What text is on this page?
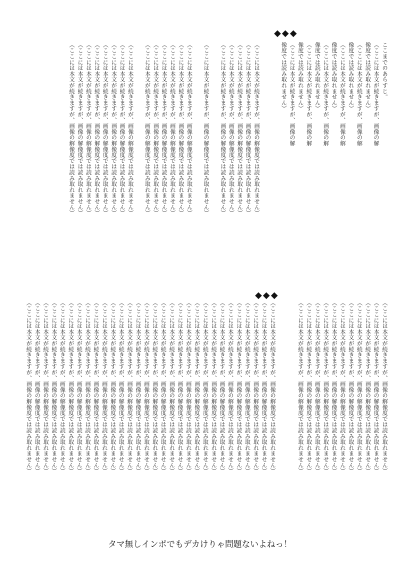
ここまでのあらすじ。

（ここには本文が続きますが、画像の解像度では読み取れません）

（ここには本文が続きますが、画像の解像度では読み取れません）

（ここには本文が続きますが、画像の解像度では読み取れません）

（ここには本文が続きますが、画像の解像度では読み取れません）

（ここには本文が続きますが、画像の解像度では読み取れません）

（ここには本文が続きますが、画像の解像度では読み取れません）

◆◆◆

（ここには本文が続きますが、画像の解像度では読み取れません）

（ここには本文が続きますが、画像の解像度では読み取れません）

（ここには本文が続きますが、画像の解像度では読み取れません）

（ここには本文が続きますが、画像の解像度では読み取れません）

（ここには本文が続きますが、画像の解像度では読み取れません）

（ここには本文が続きますが、画像の解像度では読み取れません）

（ここには本文が続きますが、画像の解像度では読み取れません）

（ここには本文が続きますが、画像の解像度では読み取れません）

（ここには本文が続きますが、画像の解像度では読み取れません）

（ここには本文が続きますが、画像の解像度では読み取れません）

（ここには本文が続きますが、画像の解像度では読み取れません）

（ここには本文が続きますが、画像の解像度では読み取れません）

（ここには本文が続きますが、画像の解像度では読み取れません）

（ここには本文が続きますが、画像の解像度では読み取れません）

（ここには本文が続きますが、画像の解像度では読み取れません）

（ここには本文が続きますが、画像の解像度では読み取れません）

（ここには本文が続きますが、画像の解像度では読み取れません）

（ここには本文が続きますが、画像の解像度では読み取れません）

（ここには本文が続きますが、画像の解像度では読み取れません）

（ここには本文が続きますが、画像の解像度では読み取れません）

（ここには本文が続きますが、画像の解像度では読み取れません）

（ここには本文が続きますが、画像の解像度では読み取れません）

（ここには本文が続きますが、画像の解像度では読み取れません）

（ここには本文が続きますが、画像の解像度では読み取れません）

（ここには本文が続きますが、画像の解像度では読み取れません）

（ここには本文が続きますが、画像の解像度では読み取れません）

（ここには本文が続きますが、画像の解像度では読み取れません）

（ここには本文が続きますが、画像の解像度では読み取れません）

（ここには本文が続きますが、画像の解像度では読み取れません）

（ここには本文が続きますが、画像の解像度では読み取れません）

（ここには本文が続きますが、画像の解像度では読み取れません）

◆◆◆

（ここには本文が続きますが、画像の解像度では読み取れません）

（ここには本文が続きますが、画像の解像度では読み取れません）

（ここには本文が続きますが、画像の解像度では読み取れません）

（ここには本文が続きますが、画像の解像度では読み取れません）

（ここには本文が続きますが、画像の解像度では読み取れません）

（ここには本文が続きますが、画像の解像度では読み取れません）

（ここには本文が続きますが、画像の解像度では読み取れません）

（ここには本文が続きますが、画像の解像度では読み取れません）

（ここには本文が続きますが、画像の解像度では読み取れません）

（ここには本文が続きますが、画像の解像度では読み取れません）

（ここには本文が続きますが、画像の解像度では読み取れません）

（ここには本文が続きますが、画像の解像度では読み取れません）

（ここには本文が続きますが、画像の解像度では読み取れません）

（ここには本文が続きますが、画像の解像度では読み取れません）

（ここには本文が続きますが、画像の解像度では読み取れません）

（ここには本文が続きますが、画像の解像度では読み取れません）

（ここには本文が続きますが、画像の解像度では読み取れません）

（ここには本文が続きますが、画像の解像度では読み取れません）

（ここには本文が続きますが、画像の解像度では読み取れません）

（ここには本文が続きますが、画像の解像度では読み取れません）

（ここには本文が続きますが、画像の解像度では読み取れません）

（ここには本文が続きますが、画像の解像度では読み取れません）

（ここには本文が続きますが、画像の解像度では読み取れません）

（ここには本文が続きますが、画像の解像度では読み取れません）

（ここには本文が続きますが、画像の解像度では読み取れません）

（ここには本文が続きますが、画像の解像度では読み取れません）

（ここには本文が続きますが、画像の解像度では読み取れません）

（ここには本文が続きますが、画像の解像度では読み取れません）

（ここには本文が続きますが、画像の解像度では読み取れません）

（ここには本文が続きますが、画像の解像度では読み取れません）

タマ無しインポでもデカけりゃ問題ないよねっ！
